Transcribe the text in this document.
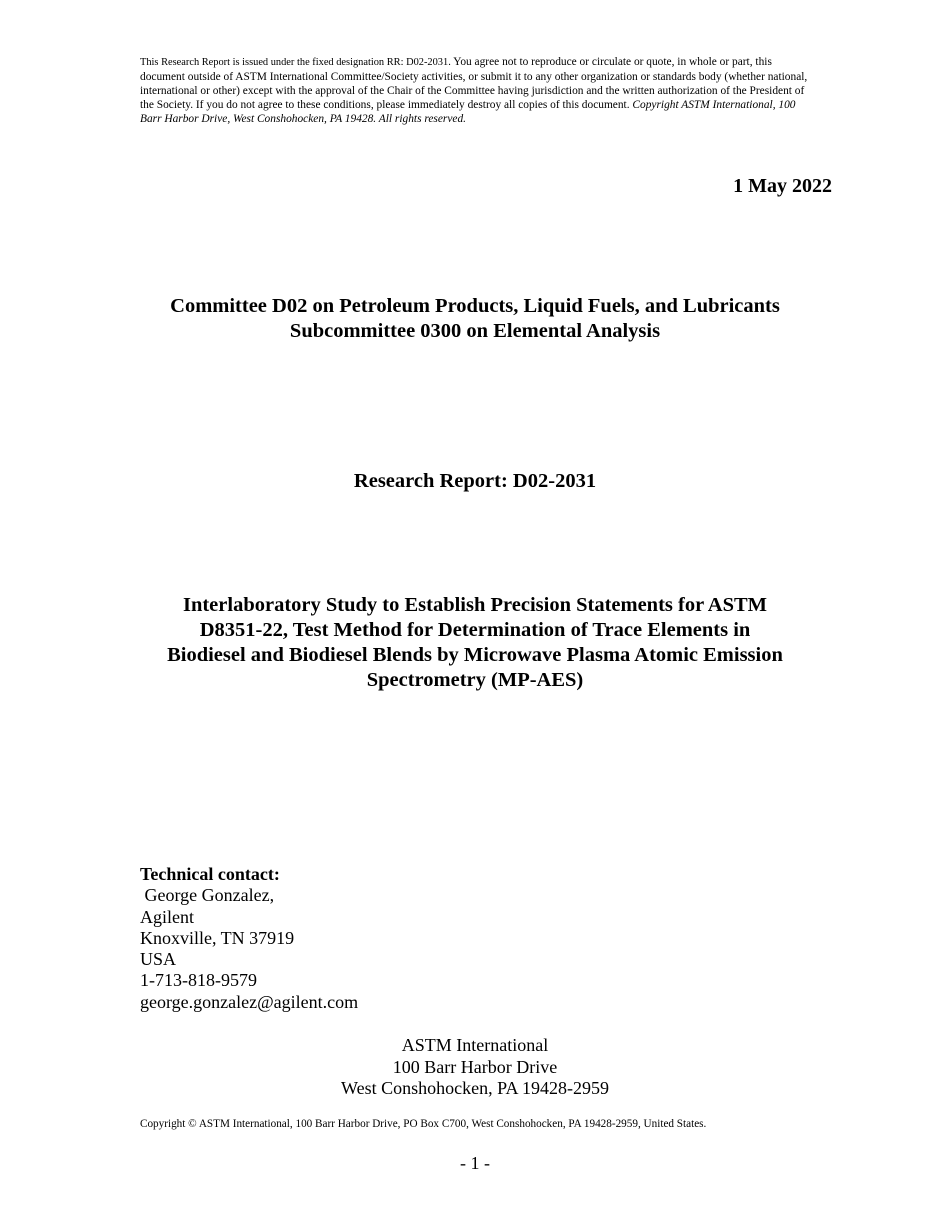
This Research Report is issued under the fixed designation RR: D02-2031. You agree not to reproduce or circulate or quote, in whole or part, this document outside of ASTM International Committee/Society activities, or submit it to any other organization or standards body (whether national, international or other) except with the approval of the Chair of the Committee having jurisdiction and the written authorization of the President of the Society. If you do not agree to these conditions, please immediately destroy all copies of this document. Copyright ASTM International, 100 Barr Harbor Drive, West Conshohocken, PA 19428. All rights reserved.
1 May 2022
Committee D02 on Petroleum Products, Liquid Fuels, and Lubricants
Subcommittee 0300 on Elemental Analysis
Research Report: D02-2031
Interlaboratory Study to Establish Precision Statements for ASTM
D8351-22, Test Method for Determination of Trace Elements in
Biodiesel and Biodiesel Blends by Microwave Plasma Atomic Emission
Spectrometry (MP-AES)
Technical contact:
George Gonzalez,
Agilent
Knoxville, TN 37919
USA
1-713-818-9579
george.gonzalez@agilent.com
ASTM International
100 Barr Harbor Drive
West Conshohocken, PA 19428-2959
Copyright © ASTM International, 100 Barr Harbor Drive, PO Box C700, West Conshohocken, PA 19428-2959, United States.
- 1 -
